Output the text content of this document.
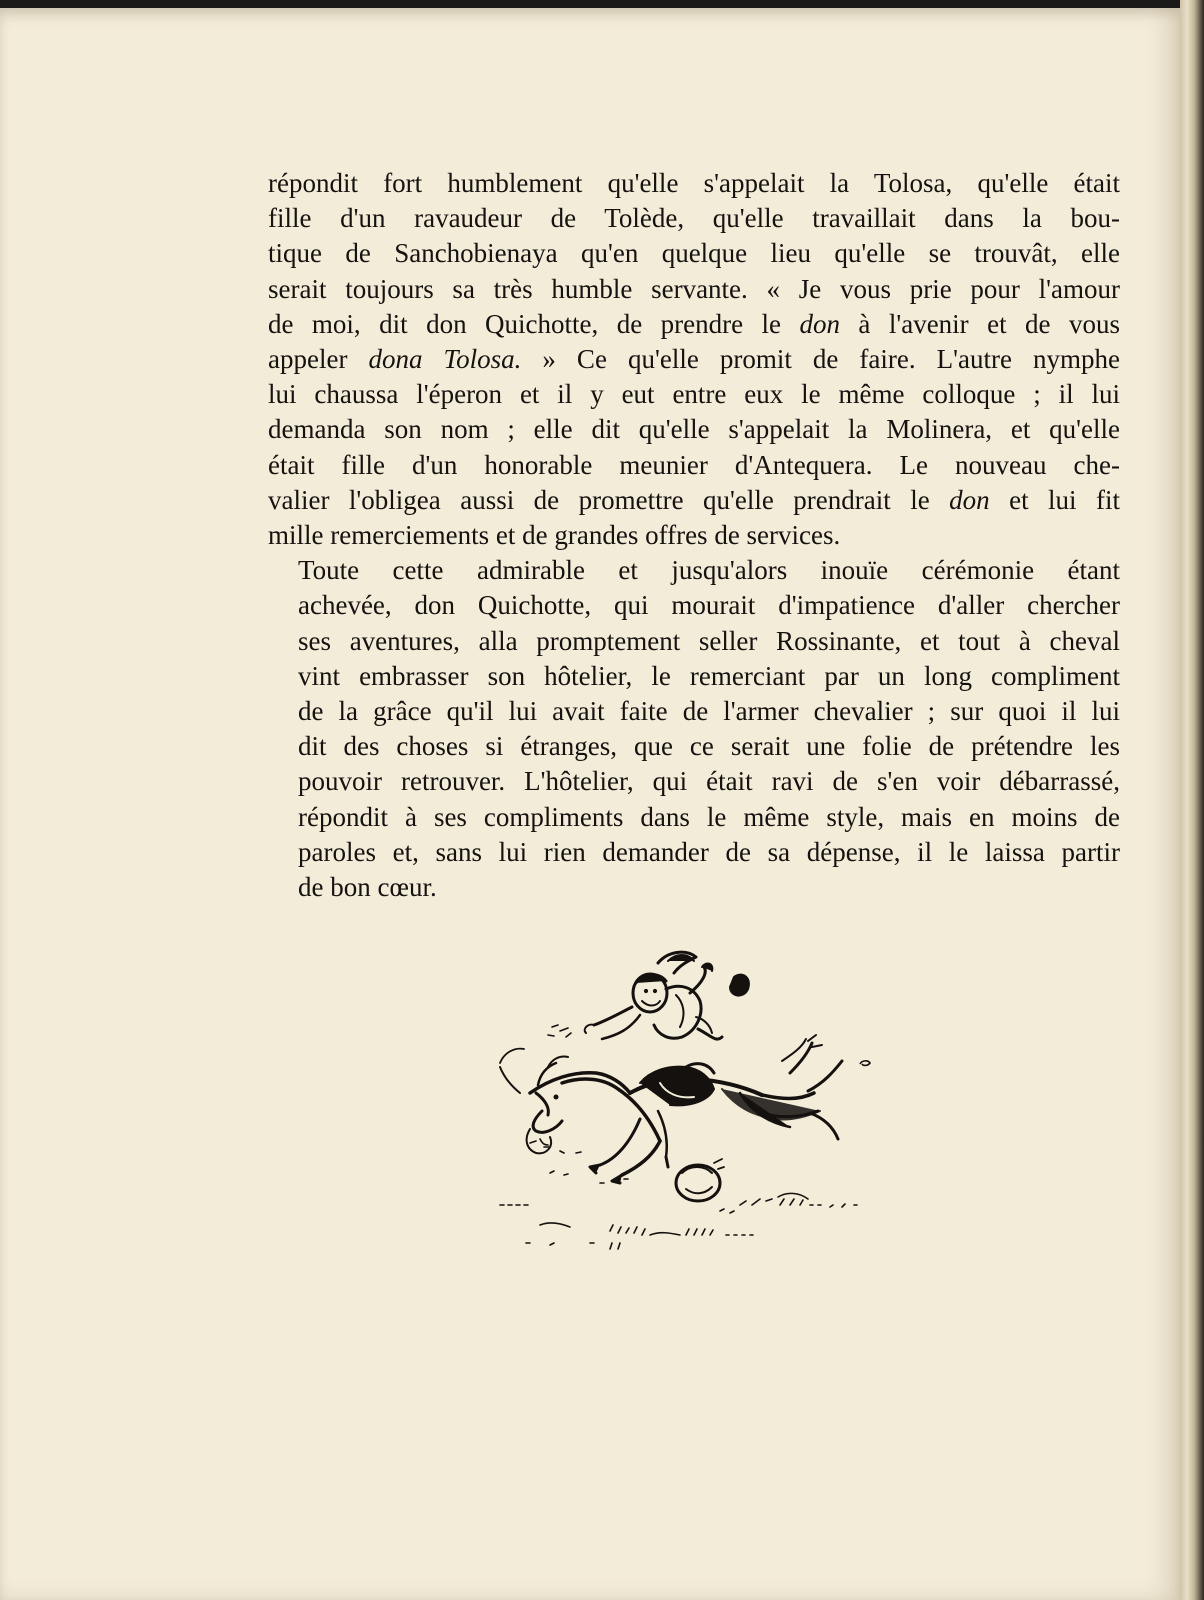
répondit fort humblement qu'elle s'appelait la Tolosa, qu'elle était
fille d'un ravaudeur de Tolède, qu'elle travaillait dans la bou-
tique de Sanchobienaya qu'en quelque lieu qu'elle se trouvât, elle
serait toujours sa très humble servante. « Je vous prie pour l'amour
de moi, dit don Quichotte, de prendre le don à l'avenir et de vous
appeler dona Tolosa. » Ce qu'elle promit de faire. L'autre nymphe
lui chaussa l'éperon et il y eut entre eux le même colloque ; il lui
demanda son nom ; elle dit qu'elle s'appelait la Molinera, et qu'elle
était fille d'un honorable meunier d'Antequera. Le nouveau che-
valier l'obligea aussi de promettre qu'elle prendrait le don et lui fit
mille remerciements et de grandes offres de services.

Toute cette admirable et jusqu'alors inouïe cérémonie étant
achevée, don Quichotte, qui mourait d'impatience d'aller chercher
ses aventures, alla promptement seller Rossinante, et tout à cheval
vint embrasser son hôtelier, le remerciant par un long compliment
de la grâce qu'il lui avait faite de l'armer chevalier ; sur quoi il lui
dit des choses si étranges, que ce serait une folie de prétendre les
pouvoir retrouver. L'hôtelier, qui était ravi de s'en voir débarrassé,
répondit à ses compliments dans le même style, mais en moins de
paroles et, sans lui rien demander de sa dépense, il le laissa partir
de bon cœur.
